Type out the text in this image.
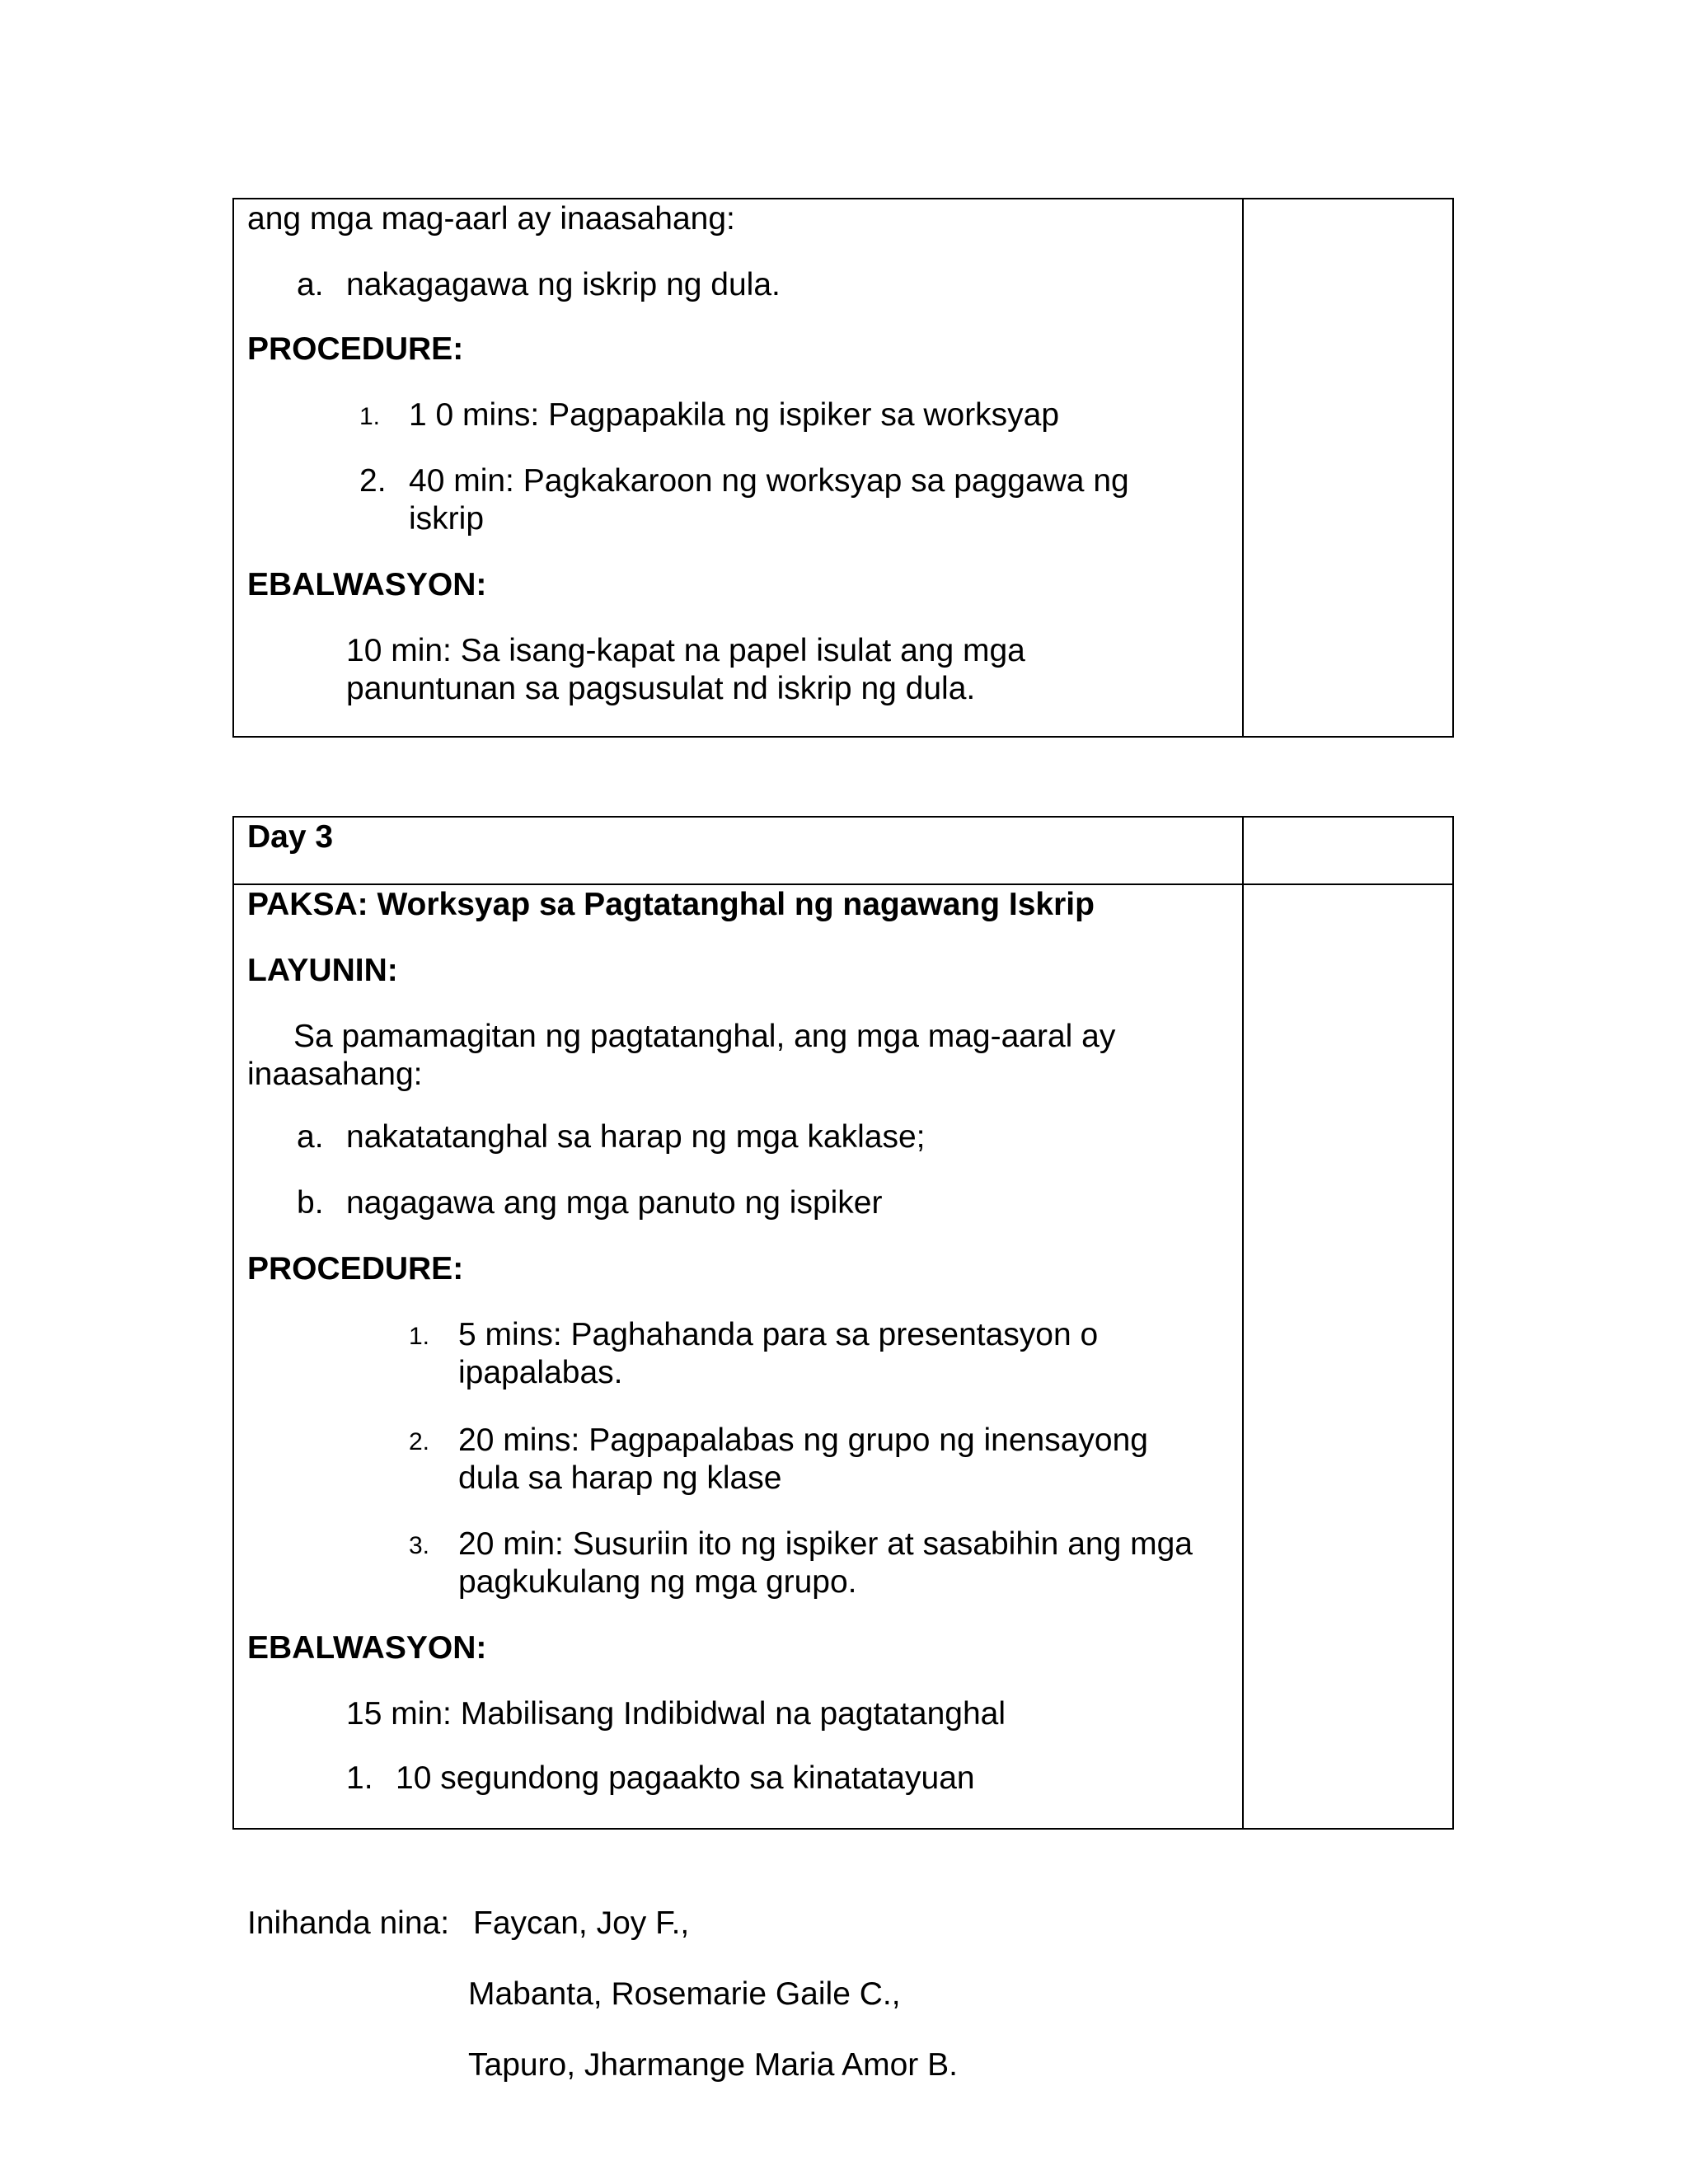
ang mga mag-aarl ay inaasahang:
a. nakagagawa ng iskrip ng dula.
PROCEDURE:
1. 1 0 mins: Pagpapakila ng ispiker sa worksyap
2. 40 min: Pagkakaroon ng worksyap sa paggawa ng
iskrip
EBALWASYON:
10 min: Sa isang-kapat na papel isulat ang mga
panuntunan sa pagsusulat nd iskrip ng dula.
Day 3
PAKSA: Worksyap sa Pagtatanghal ng nagawang Iskrip
LAYUNIN:
Sa pamamagitan ng pagtatanghal, ang mga mag-aaral ay
inaasahang:
a. nakatatanghal sa harap ng mga kaklase;
b. nagagawa ang mga panuto ng ispiker
PROCEDURE:
1. 5 mins: Paghahanda para sa presentasyon o
ipapalabas.
2. 20 mins: Pagpapalabas ng grupo ng inensayong
dula sa harap ng klase
3. 20 min: Susuriin ito ng ispiker at sasabihin ang mga
pagkukulang ng mga grupo.
EBALWASYON:
15 min: Mabilisang Indibidwal na pagtatanghal
1. 10 segundong pagaakto sa kinatatayuan
Inihanda nina: Faycan, Joy F.,
Mabanta, Rosemarie Gaile C.,
Tapuro, Jharmange Maria Amor B.
